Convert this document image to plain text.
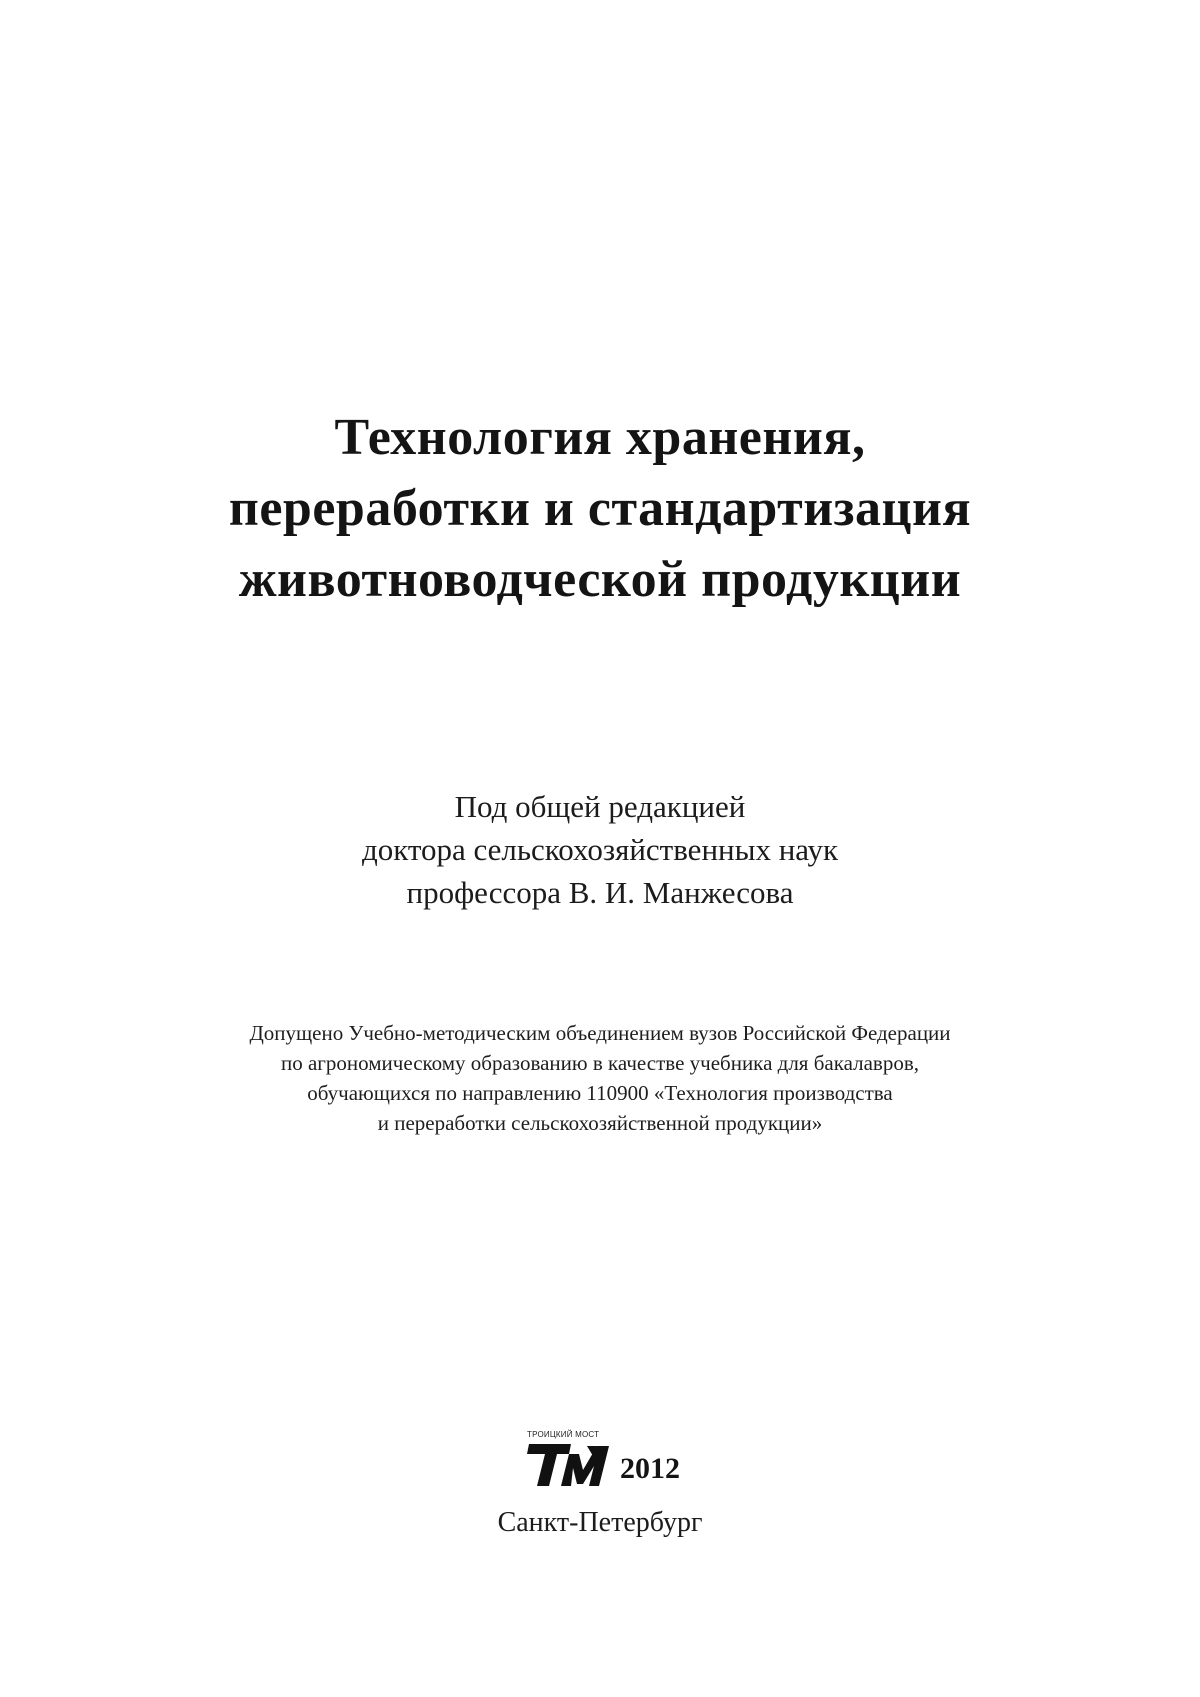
Технология хранения,
переработки и стандартизация
животноводческой продукции
Под общей редакцией
доктора сельскохозяйственных наук
профессора В. И. Манжесова
Допущено Учебно-методическим объединением вузов Российской Федерации
по агрономическому образованию в качестве учебника для бакалавров,
обучающихся по направлению 110900 «Технология производства
и переработки сельскохозяйственной продукции»
ТРОИЦКИЙ МОСТ
2012
Санкт-Петербург
